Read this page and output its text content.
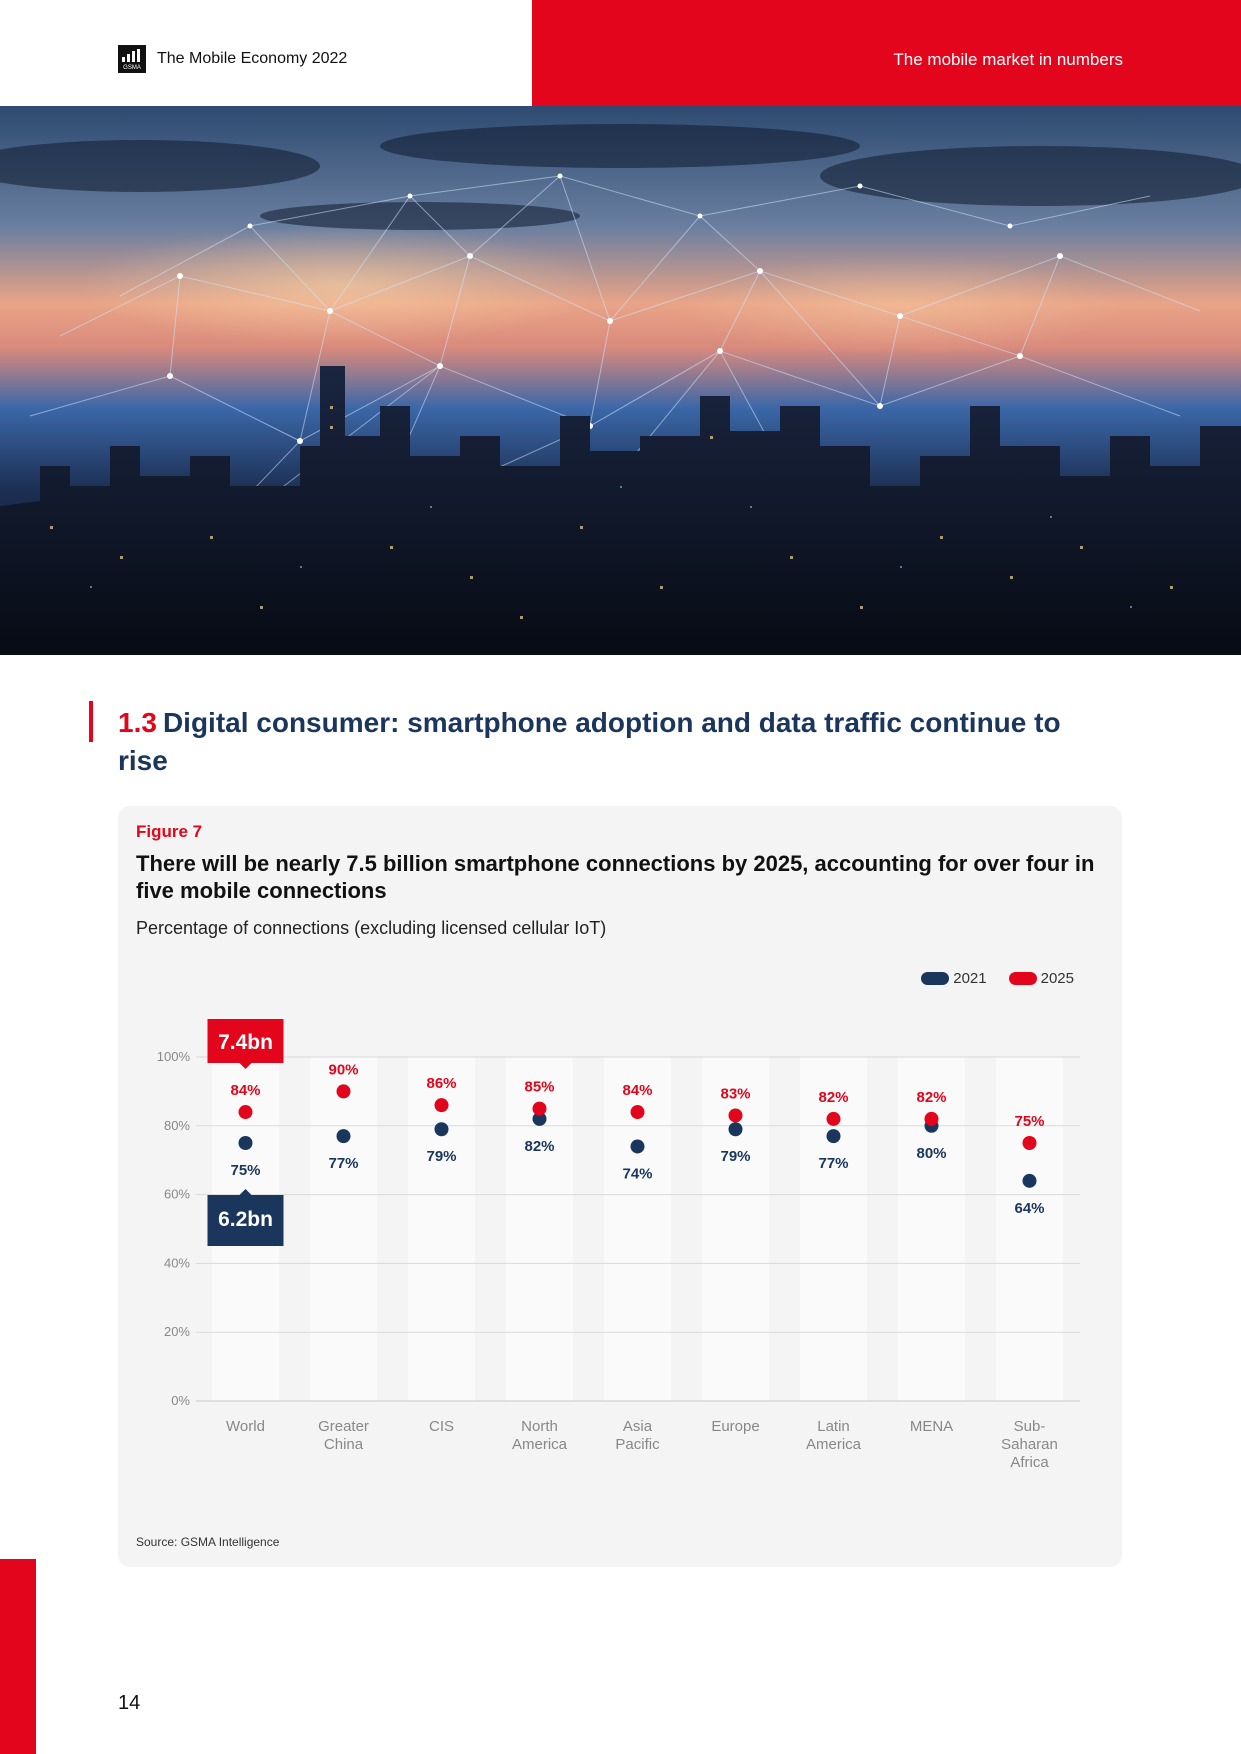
GSMA
The Mobile Economy 2022	The mobile market in numbers
1.3 Digital consumer: smartphone adoption and data traffic continue to rise
Figure 7
There will be nearly 7.5 billion smartphone connections by 2025, accounting for over four in five mobile connections
Percentage of connections (excluding licensed cellular IoT)
2021	2025
0%
20%
40%
60%
80%
100%
World	Greater
China
CIS	North
America
Asia
Pacific
Europe	Latin
America
MENA	Sub-
Saharan
Africa
84%
75%
90%
77%
86%
79%
85%
82%
84%
74%
83%
79%
82%
77%
82%
80%
75%
64%
7.4bn
6.2bn
Source: GSMA Intelligence
14
